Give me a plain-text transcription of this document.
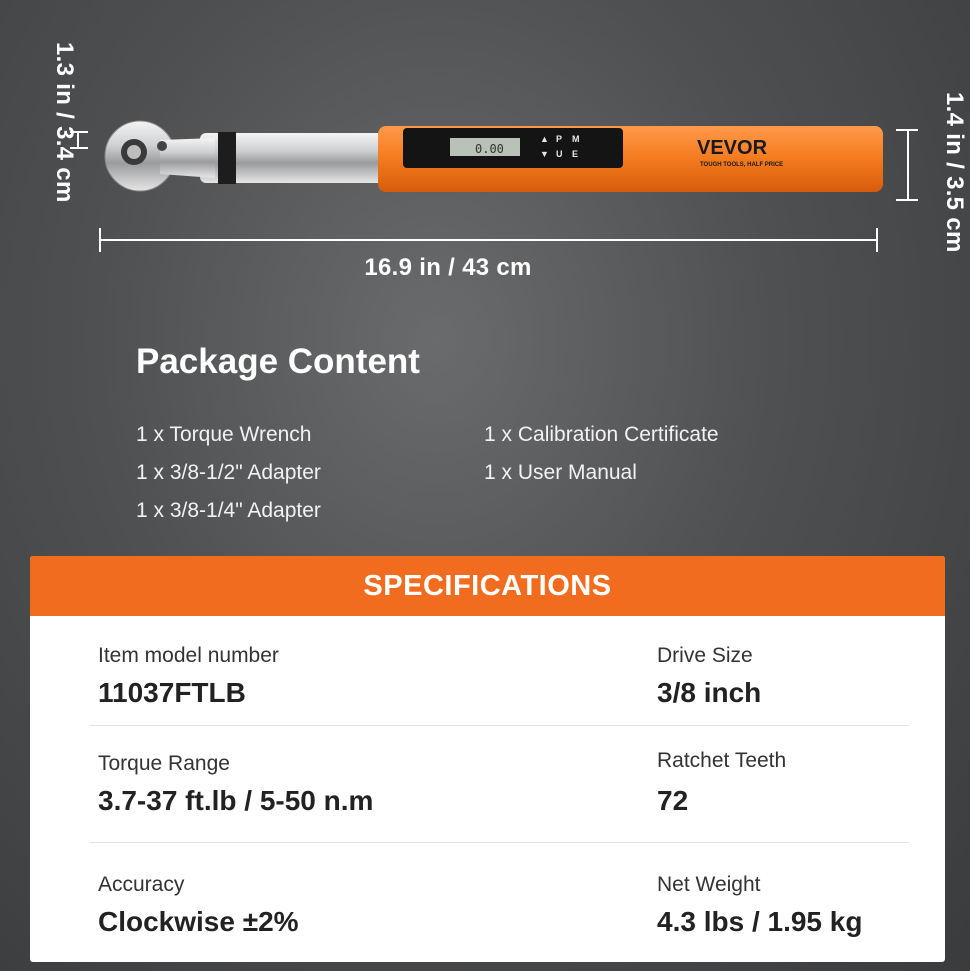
0.00
▲ P M
▼ U E	VEVOR
TOUGH TOOLS, HALF PRICE
1.3 in / 3.4 cm	1.4 in / 3.5 cm
16.9 in / 43 cm
Package Content
1 x Torque Wrench
1 x 3/8-1/2" Adapter
1 x 3/8-1/4" Adapter
1 x Calibration Certificate
1 x User Manual
SPECIFICATIONS
Item model number
11037FTLB
Drive Size
3/8 inch
Torque Range
3.7-37 ft.lb / 5-50 n.m
Ratchet Teeth
72
Accuracy
Clockwise ±2%
Net Weight
4.3 lbs / 1.95 kg
